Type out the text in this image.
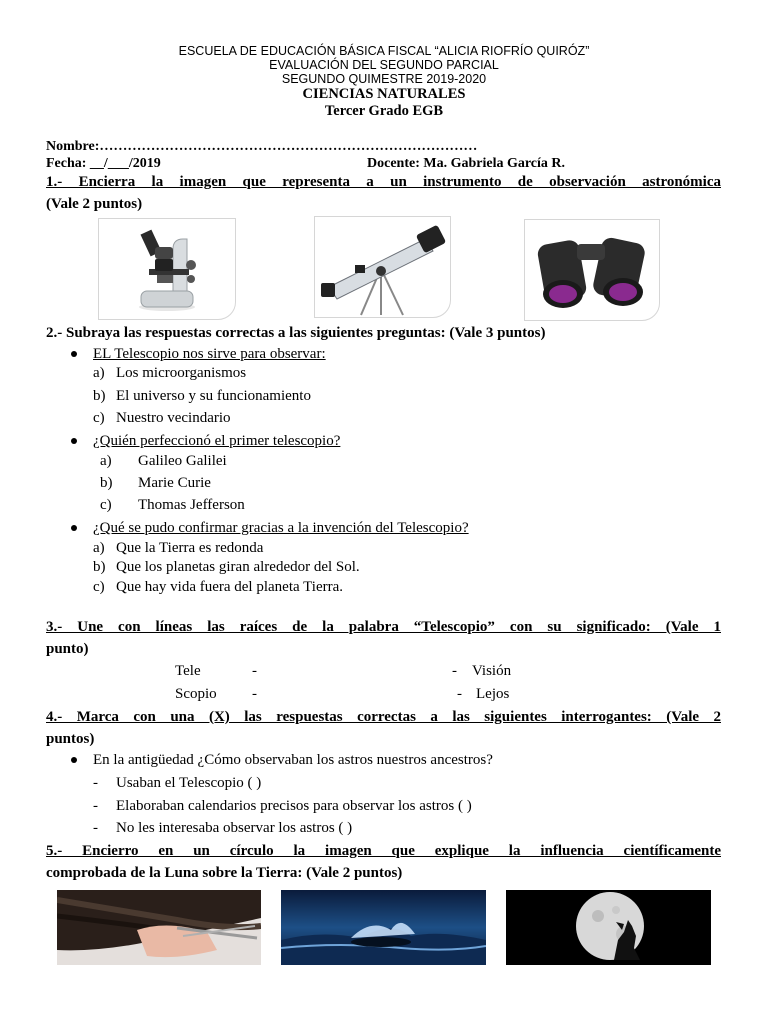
ESCUELA DE EDUCACIÓN BÁSICA FISCAL “ALICIA RIOFRÍO QUIRÓZ”
EVALUACIÓN DEL SEGUNDO PARCIAL
SEGUNDO QUIMESTRE 2019-2020
CIENCIAS NATURALES
Tercer Grado EGB
Nombre:………………………………………………………………………
Fecha: __/___/2019	Docente: Ma. Gabriela García R.
1.- Encierra la imagen que representa a un instrumento de observación astronómica
(Vale 2 puntos)
2.- Subraya las respuestas correctas a las siguientes preguntas: (Vale 3 puntos)
EL Telescopio nos sirve para observar:
a) Los microorganismos
b) El universo y su funcionamiento
c) Nuestro vecindario
¿Quién perfeccionó el primer telescopio?
a) Galileo Galilei
b) Marie Curie
c) Thomas Jefferson
¿Qué se pudo confirmar gracias a la invención del Telescopio?
a) Que la Tierra es redonda
b) Que los planetas giran alrededor del Sol.
c) Que hay vida fuera del planeta Tierra.
3.- Une con líneas las raíces de la palabra “Telescopio” con su significado: (Vale 1
punto)
Tele	-	- Visión
Scopio -	- Lejos
4.- Marca con una (X) las respuestas correctas a las siguientes interrogantes: (Vale 2
puntos)
En la antigüedad ¿Cómo observaban los astros nuestros ancestros?
- Usaban el Telescopio ( )
- Elaboraban calendarios precisos para observar los astros ( )
- No les interesaba observar los astros ( )
5.- Encierro en un círculo la imagen que explique la influencia científicamente
comprobada de la Luna sobre la Tierra: (Vale 2 puntos)
